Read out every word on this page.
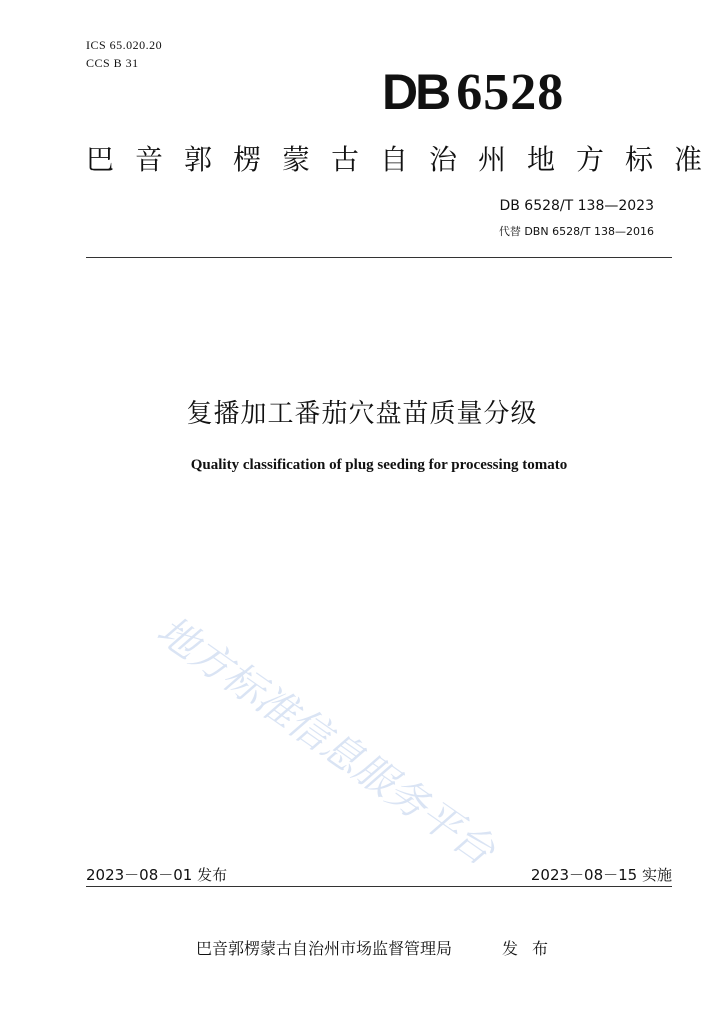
ICS 65.020.20
CCS B 31
DB 6528
巴音郭楞蒙古自治州地方标准
DB 6528/T 138—2023
代替 DBN 6528/T 138—2016
复播加工番茄穴盘苗质量分级
Quality classification of plug seeding for processing tomato
地方标准信息服务平台
2023－08－01 发布	2023－08－15 实施
巴音郭楞蒙古自治州市场监督管理局	发布
